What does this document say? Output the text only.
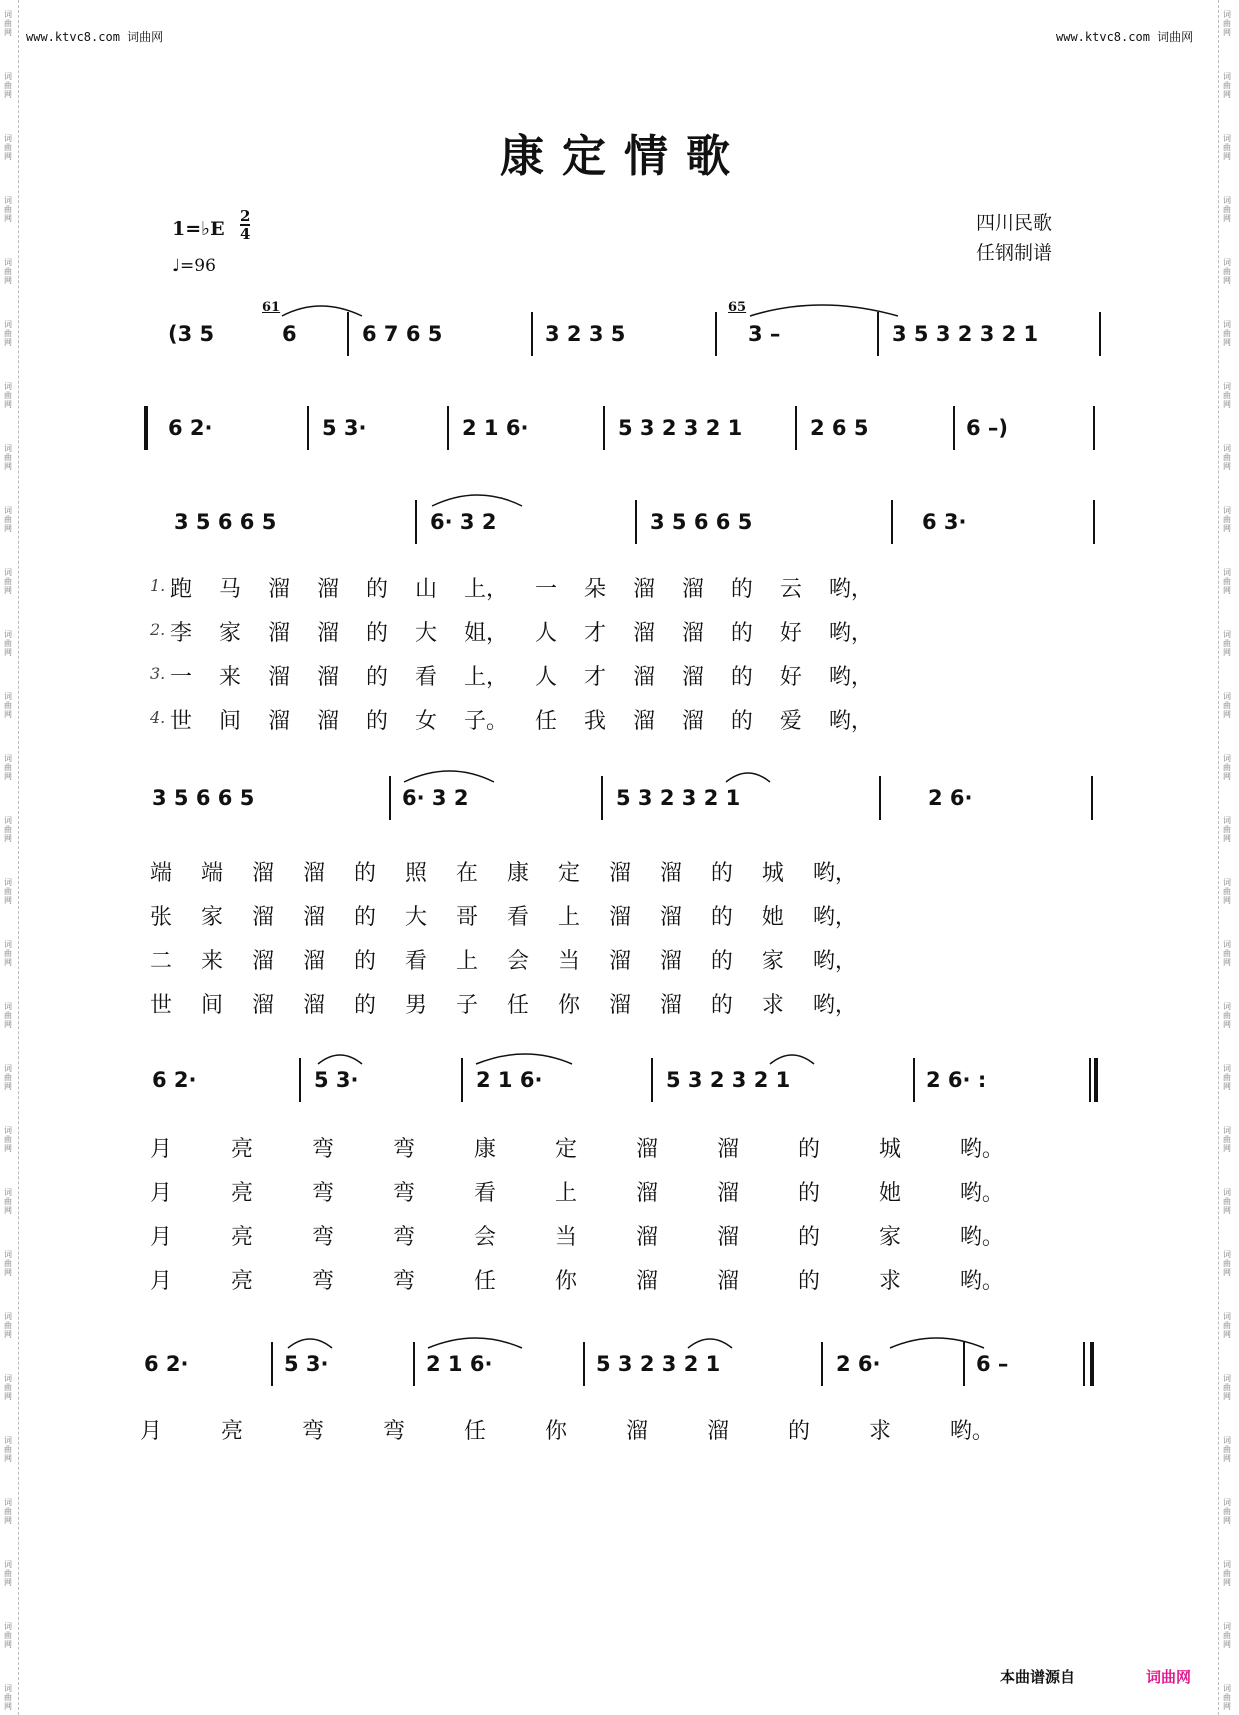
词曲网
词曲网
词曲网
词曲网
词曲网
词曲网
词曲网
词曲网
词曲网
词曲网
词曲网
词曲网
词曲网
词曲网
词曲网
词曲网
词曲网
词曲网
词曲网
词曲网
词曲网
词曲网
词曲网
词曲网
词曲网
词曲网
词曲网
词曲网
词曲网
词曲网
词曲网
词曲网
词曲网
词曲网
词曲网
词曲网
词曲网
词曲网
词曲网
词曲网
词曲网
词曲网
词曲网
词曲网
词曲网
词曲网
词曲网
词曲网
词曲网
词曲网
词曲网
词曲网
词曲网
词曲网
词曲网
词曲网
www.ktvc8.com 词曲网	www.ktvc8.com 词曲网
康定情歌
1=♭E
2
4
♩=96
四川民歌
任钢制谱
(3 5	6
61
6 7 6 5	3 2 3 5
65
3 –	3 5 3 2 3 2 1
6 2·	5 3·	2 1 6·	5 3 2 3 2 1	2 6 5	6 –)
3 5 6 6 5	6· 3 2	3 5 6 6 5	6 3·
1.
2.
3.
4.
跑 马 溜 溜 的 山 上， 一 朵 溜 溜 的 云 哟，
李 家 溜 溜 的 大 姐， 人 才 溜 溜 的 好 哟，
一 来 溜 溜 的 看 上， 人 才 溜 溜 的 好 哟，
世 间 溜 溜 的 女 子。 任 我 溜 溜 的 爱 哟，
3 5 6 6 5	6· 3 2	5 3 2 3 2 1	2 6·
端 端 溜 溜 的 照 在 康 定 溜 溜 的 城 哟，
张 家 溜 溜 的 大 哥 看 上 溜 溜 的 她 哟，
二 来 溜 溜 的 看 上 会 当 溜 溜 的 家 哟，
世 间 溜 溜 的 男 子 任 你 溜 溜 的 求 哟，
6 2·	5 3·	2 1 6·	5 3 2 3 2 1	2 6· :
月 亮 弯 弯 康 定 溜 溜 的 城 哟。
月 亮 弯 弯 看 上 溜 溜 的 她 哟。
月 亮 弯 弯 会 当 溜 溜 的 家 哟。
月 亮 弯 弯 任 你 溜 溜 的 求 哟。
6 2·	5 3·	2 1 6·	5 3 2 3 2 1	2 6·	6 –
月 亮 弯 弯 任 你 溜 溜 的 求 哟。
本曲谱源自	词曲网
